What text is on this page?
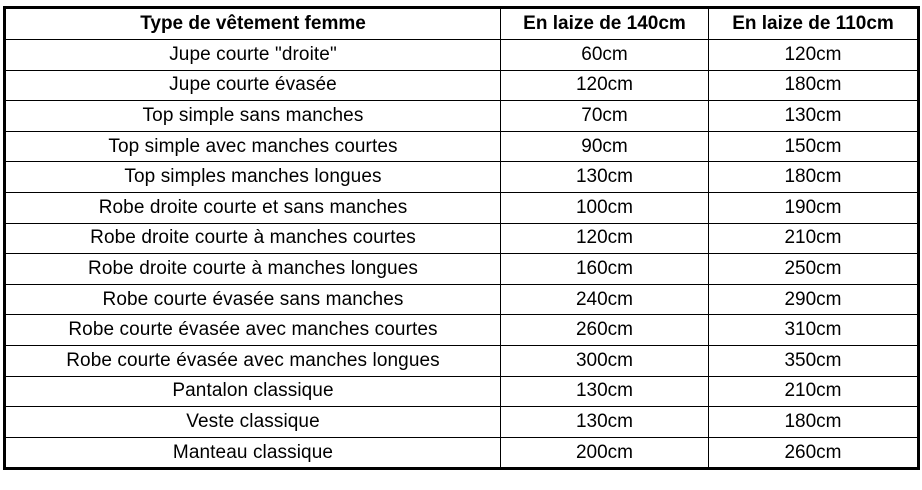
Type de vêtement femme	En laize de 140cm	En laize de 110cm
Jupe courte "droite"	60cm	120cm
Jupe courte évasée	120cm	180cm
Top simple sans manches	70cm	130cm
Top simple avec manches courtes	90cm	150cm
Top simples manches longues	130cm	180cm
Robe droite courte et sans manches	100cm	190cm
Robe droite courte à manches courtes	120cm	210cm
Robe droite courte à manches longues	160cm	250cm
Robe courte évasée sans manches	240cm	290cm
Robe courte évasée avec manches courtes	260cm	310cm
Robe courte évasée avec manches longues	300cm	350cm
Pantalon classique	130cm	210cm
Veste classique	130cm	180cm
Manteau classique	200cm	260cm
